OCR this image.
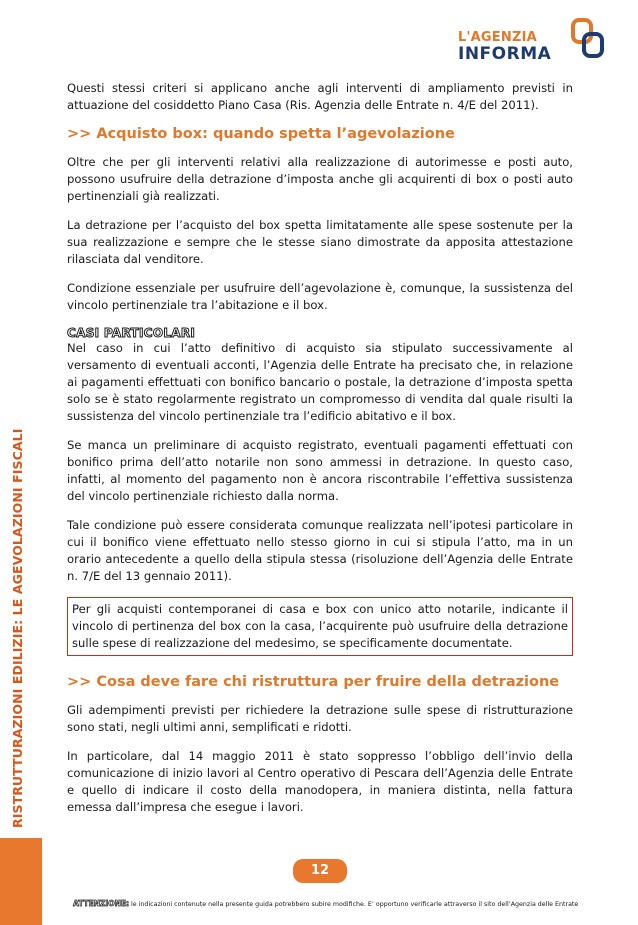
L'AGENZIA
INFORMA
RISTRUTTURAZIONI EDILIZIE: LE AGEVOLAZIONI FISCALI

Questi stessi criteri si applicano anche agli interventi di ampliamento previsti in attuazione del cosiddetto Piano Casa (Ris. Agenzia delle Entrate n. 4/E del 2011).

>> Acquisto box: quando spetta l’agevolazione

Oltre che per gli interventi relativi alla realizzazione di autorimesse e posti auto, possono usufruire della detrazione d’imposta anche gli acquirenti di box o posti auto pertinenziali già realizzati.

La detrazione per l’acquisto del box spetta limitatamente alle spese sostenute per la sua realizzazione e sempre che le stesse siano dimostrate da apposita attestazione rilasciata dal venditore.

Condizione essenziale per usufruire dell’agevolazione è, comunque, la sussistenza del vincolo pertinenziale tra l’abitazione e il box.

CASI PARTICOLARI

Nel caso in cui l’atto definitivo di acquisto sia stipulato successivamente al versamento di eventuali acconti, l’Agenzia delle Entrate ha precisato che, in relazione ai pagamenti effettuati con bonifico bancario o postale, la detrazione d’imposta spetta solo se è stato regolarmente registrato un compromesso di vendita dal quale risulti la sussistenza del vincolo pertinenziale tra l’edificio abitativo e il box.

Se manca un preliminare di acquisto registrato, eventuali pagamenti effettuati con bonifico prima dell’atto notarile non sono ammessi in detrazione. In questo caso, infatti, al momento del pagamento non è ancora riscontrabile l’effettiva sussistenza del vincolo pertinenziale richiesto dalla norma.

Tale condizione può essere considerata comunque realizzata nell’ipotesi particolare in cui il bonifico viene effettuato nello stesso giorno in cui si stipula l’atto, ma in un orario antecedente a quello della stipula stessa (risoluzione dell’Agenzia delle Entrate n. 7/E del 13 gennaio 2011).

Per gli acquisti contemporanei di casa e box con unico atto notarile, indicante il vincolo di pertinenza del box con la casa, l’acquirente può usufruire della detrazione sulle spese di realizzazione del medesimo, se specificamente documentate.

>> Cosa deve fare chi ristruttura per fruire della detrazione

Gli adempimenti previsti per richiedere la detrazione sulle spese di ristrutturazione sono stati, negli ultimi anni, semplificati e ridotti.

In particolare, dal 14 maggio 2011 è stato soppresso l’obbligo dell’invio della comunicazione di inizio lavori al Centro operativo di Pescara dell’Agenzia delle Entrate e quello di indicare il costo della manodopera, in maniera distinta, nella fattura emessa dall’impresa che esegue i lavori.

12
ATTENZIONE: le indicazioni contenute nella presente guida potrebbero subire modifiche. E’ opportuno verificarle attraverso il sito dell’Agenzia delle Entrate
